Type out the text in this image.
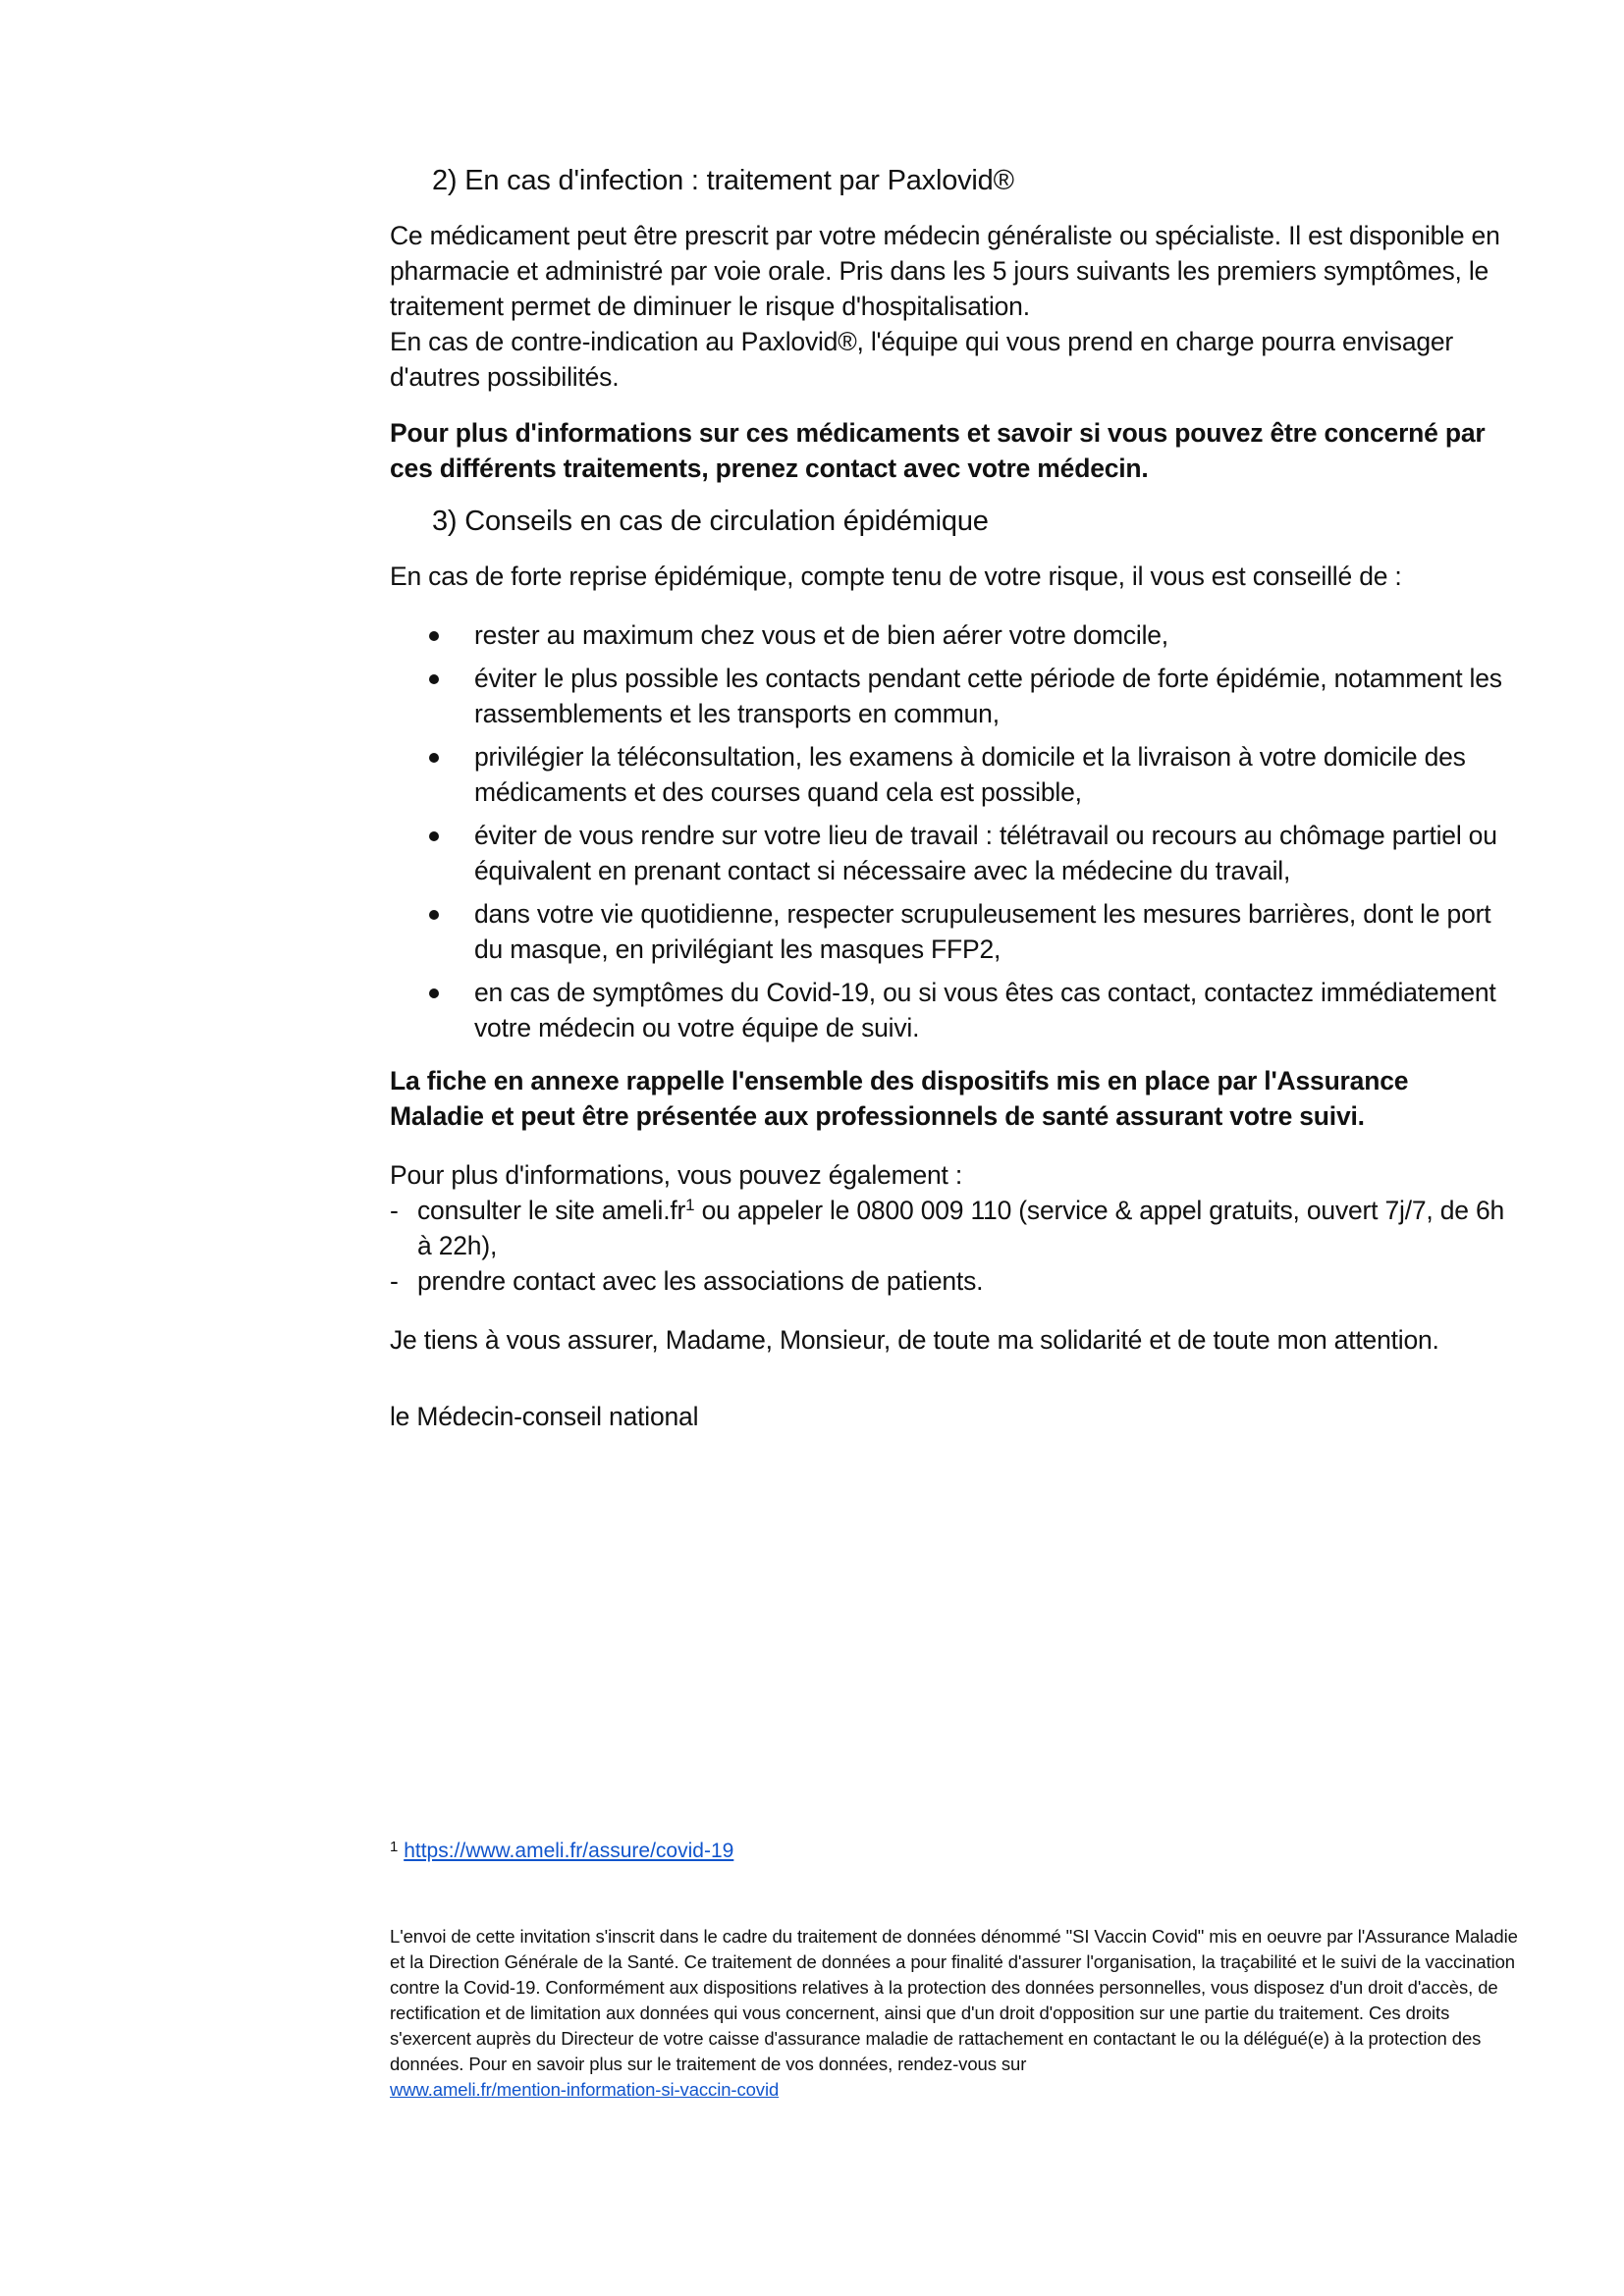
2) En cas d'infection : traitement par Paxlovid®

Ce médicament peut être prescrit par votre médecin généraliste ou spécialiste. Il est disponible en pharmacie et administré par voie orale. Pris dans les 5 jours suivants les premiers symptômes, le traitement permet de diminuer le risque d'hospitalisation.

En cas de contre-indication au Paxlovid®, l'équipe qui vous prend en charge pourra envisager d'autres possibilités.

Pour plus d'informations sur ces médicaments et savoir si vous pouvez être concerné par ces différents traitements, prenez contact avec votre médecin.

3) Conseils en cas de circulation épidémique

En cas de forte reprise épidémique, compte tenu de votre risque, il vous est conseillé de :

rester au maximum chez vous et de bien aérer votre domcile,
éviter le plus possible les contacts pendant cette période de forte épidémie, notamment les rassemblements et les transports en commun,
privilégier la téléconsultation, les examens à domicile et la livraison à votre domicile des médicaments et des courses quand cela est possible,
éviter de vous rendre sur votre lieu de travail : télétravail ou recours au chômage partiel ou équivalent en prenant contact si nécessaire avec la médecine du travail,
dans votre vie quotidienne, respecter scrupuleusement les mesures barrières, dont le port du masque, en privilégiant les masques FFP2,
en cas de symptômes du Covid-19, ou si vous êtes cas contact, contactez immédiatement votre médecin ou votre équipe de suivi.

La fiche en annexe rappelle l'ensemble des dispositifs mis en place par l'Assurance Maladie et peut être présentée aux professionnels de santé assurant votre suivi.

Pour plus d'informations, vous pouvez également :

- consulter le site ameli.fr$^1$ ou appeler le 0800 009 110 (service & appel gratuits, ouvert 7j/7, de 6h à 22h),
- prendre contact avec les associations de patients.

Je tiens à vous assurer, Madame, Monsieur, de toute ma solidarité et de toute mon attention.

le Médecin-conseil national

$^1$ https://www.ameli.fr/assure/covid-19
L'envoi de cette invitation s'inscrit dans le cadre du traitement de données dénommé "SI Vaccin Covid" mis en oeuvre par l'Assurance Maladie et la Direction Générale de la Santé. Ce traitement de données a pour finalité d'assurer l'organisation, la traçabilité et le suivi de la vaccination contre la Covid-19. Conformément aux dispositions relatives à la protection des données personnelles, vous disposez d'un droit d'accès, de rectification et de limitation aux données qui vous concernent, ainsi que d'un droit d'opposition sur une partie du traitement. Ces droits s'exercent auprès du Directeur de votre caisse d'assurance maladie de rattachement en contactant le ou la délégué(e) à la protection des données. Pour en savoir plus sur le traitement de vos données, rendez-vous sur
www.ameli.fr/mention-information-si-vaccin-covid
